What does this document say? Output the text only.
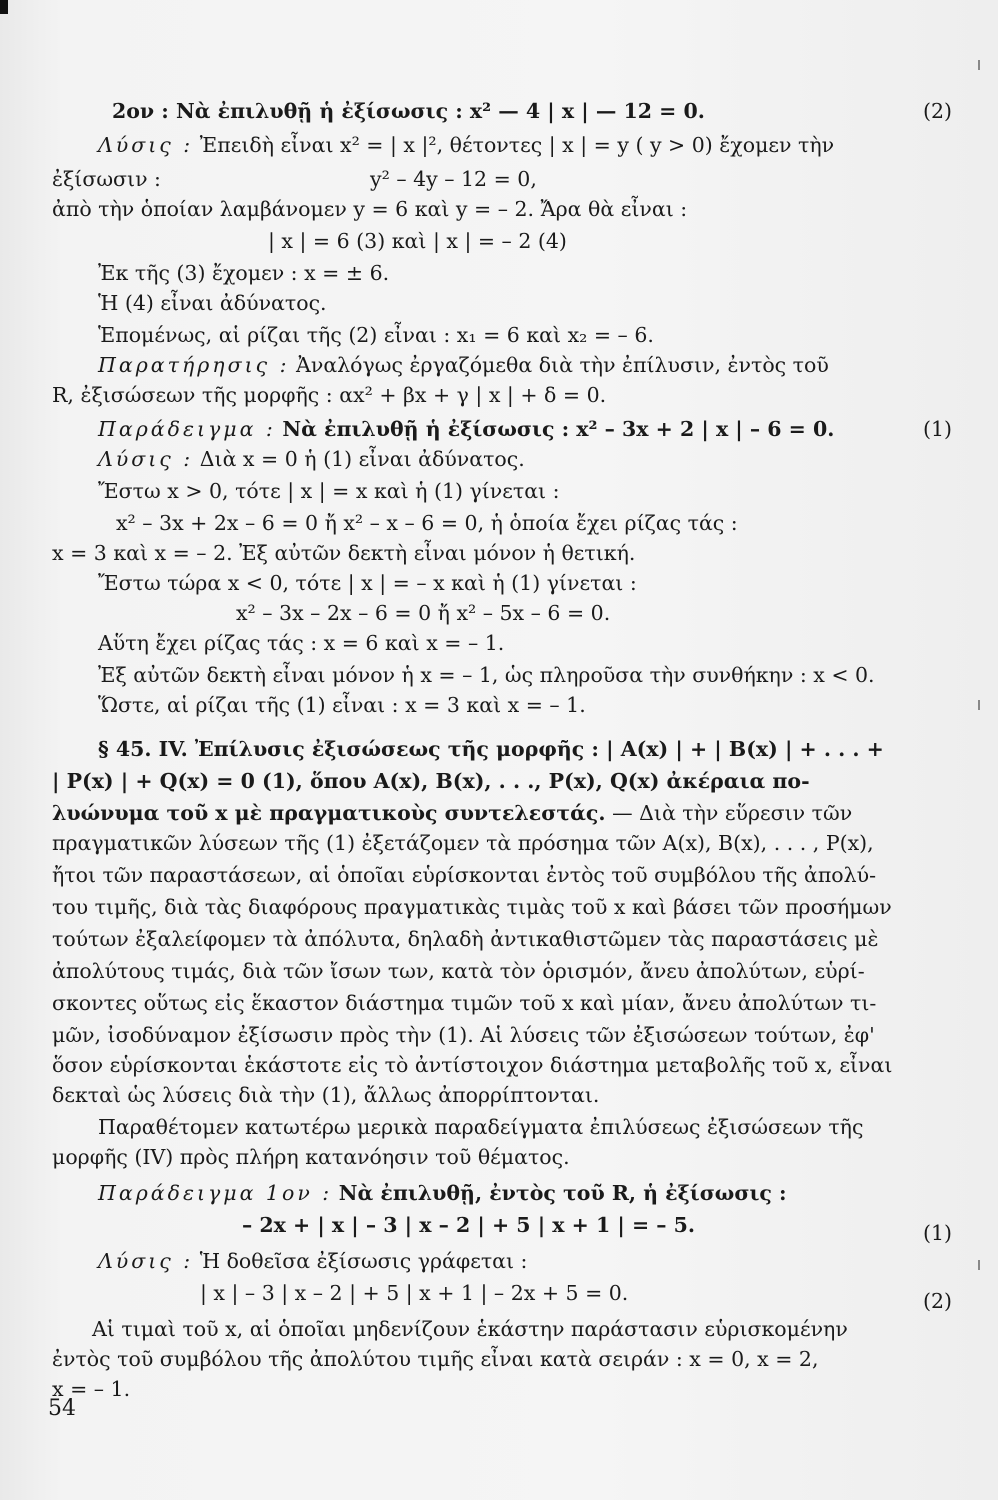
2ον : Νὰ ἐπιλυθῇ ἡ ἐξίσωσις : x² — 4 | x | — 12 = 0.	(2)
Λύσις : Ἐπειδὴ εἶναι x² = | x |², θέτοντες | x | = y ( y > 0) ἔχομεν τὴν
ἐξίσωσιν :	y² – 4y – 12 = 0,
ἀπὸ τὴν ὁποίαν λαμβάνομεν y = 6 καὶ y = – 2. Ἄρα θὰ εἶναι :
| x | = 6 (3) καὶ | x | = – 2 (4)
Ἐκ τῆς (3) ἔχομεν : x = ± 6.
Ἡ (4) εἶναι ἀδύνατος.
Ἑπομένως, αἱ ρίζαι τῆς (2) εἶναι : x₁ = 6 καὶ x₂ = – 6.
Παρατήρησις : Ἀναλόγως ἐργαζόμεθα διὰ τὴν ἐπίλυσιν, ἐντὸς τοῦ
R, ἐξισώσεων τῆς μορφῆς : αx² + βx + γ | x | + δ = 0.
Παράδειγμα : Νὰ ἐπιλυθῇ ἡ ἐξίσωσις : x² – 3x + 2 | x | – 6 = 0.	(1)
Λύσις : Διὰ x = 0 ἡ (1) εἶναι ἀδύνατος.
Ἔστω x > 0, τότε | x | = x καὶ ἡ (1) γίνεται :
x² – 3x + 2x – 6 = 0 ἤ x² – x – 6 = 0, ἡ ὁποία ἔχει ρίζας τάς :
x = 3 καὶ x = – 2. Ἐξ αὐτῶν δεκτὴ εἶναι μόνον ἡ θετική.
Ἔστω τώρα x < 0, τότε | x | = – x καὶ ἡ (1) γίνεται :
x² – 3x – 2x – 6 = 0 ἤ x² – 5x – 6 = 0.
Αὕτη ἔχει ρίζας τάς : x = 6 καὶ x = – 1.
Ἐξ αὐτῶν δεκτὴ εἶναι μόνον ἡ x = – 1, ὡς πληροῦσα τὴν συνθήκην : x < 0.
Ὥστε, αἱ ρίζαι τῆς (1) εἶναι : x = 3 καὶ x = – 1.
§ 45. IV. Ἐπίλυσις ἐξισώσεως τῆς μορφῆς : | A(x) | + | B(x) | + . . . +
| P(x) | + Q(x) = 0 (1), ὅπου A(x), B(x), . . ., P(x), Q(x) ἀκέραια πο-
λυώνυμα τοῦ x μὲ πραγματικοὺς συντελεστάς. — Διὰ τὴν εὕρεσιν τῶν
πραγματικῶν λύσεων τῆς (1) ἐξετάζομεν τὰ πρόσημα τῶν A(x), B(x), . . . , P(x),
ἤτοι τῶν παραστάσεων, αἱ ὁποῖαι εὑρίσκονται ἐντὸς τοῦ συμβόλου τῆς ἀπολύ-
του τιμῆς, διὰ τὰς διαφόρους πραγματικὰς τιμὰς τοῦ x καὶ βάσει τῶν προσήμων
τούτων ἐξαλείφομεν τὰ ἀπόλυτα, δηλαδὴ ἀντικαθιστῶμεν τὰς παραστάσεις μὲ
ἀπολύτους τιμάς, διὰ τῶν ἴσων των, κατὰ τὸν ὁρισμόν, ἄνευ ἀπολύτων, εὑρί-
σκοντες οὕτως εἰς ἕκαστον διάστημα τιμῶν τοῦ x καὶ μίαν, ἄνευ ἀπολύτων τι-
μῶν, ἰσοδύναμον ἐξίσωσιν πρὸς τὴν (1). Αἱ λύσεις τῶν ἐξισώσεων τούτων, ἐφ'
ὅσον εὑρίσκονται ἑκάστοτε εἰς τὸ ἀντίστοιχον διάστημα μεταβολῆς τοῦ x, εἶναι
δεκταὶ ὡς λύσεις διὰ τὴν (1), ἄλλως ἀπορρίπτονται.
Παραθέτομεν κατωτέρω μερικὰ παραδείγματα ἐπιλύσεως ἐξισώσεων τῆς
μορφῆς (IV) πρὸς πλήρη κατανόησιν τοῦ θέματος.
Παράδειγμα 1ον : Νὰ ἐπιλυθῇ, ἐντὸς τοῦ R, ἡ ἐξίσωσις :
– 2x + | x | – 3 | x – 2 | + 5 | x + 1 | = – 5.	(1)
Λύσις : Ἡ δοθεῖσα ἐξίσωσις γράφεται :
| x | – 3 | x – 2 | + 5 | x + 1 | – 2x + 5 = 0.	(2)
Αἱ τιμαὶ τοῦ x, αἱ ὁποῖαι μηδενίζουν ἑκάστην παράστασιν εὑρισκομένην
ἐντὸς τοῦ συμβόλου τῆς ἀπολύτου τιμῆς εἶναι κατὰ σειράν : x = 0, x = 2,
x = – 1.
54
